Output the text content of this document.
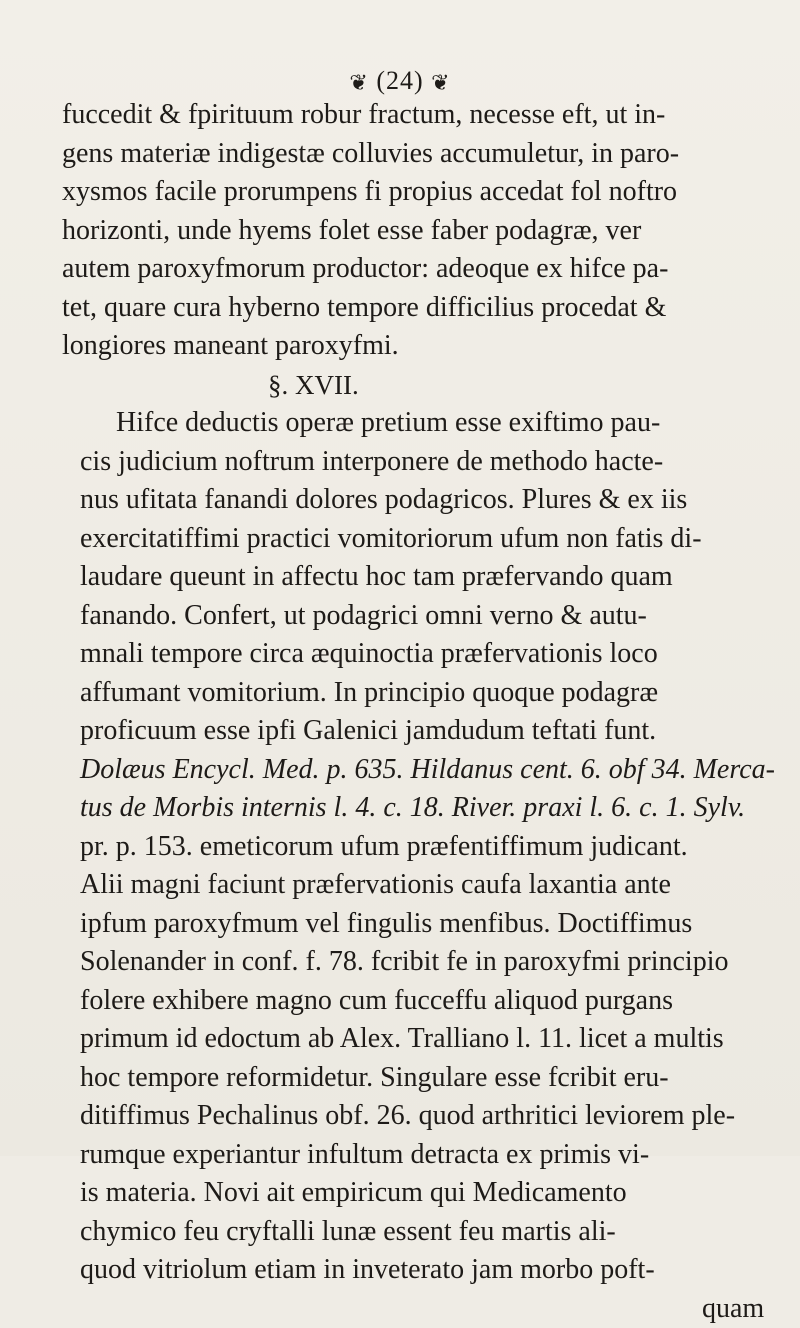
❦ (24) ❦
fuccedit & fpirituum robur fractum, necesse eft, ut in-
gens materiæ indigestæ colluvies accumuletur, in paro-
xysmos facile prorumpens fi propius accedat fol noftro
horizonti, unde hyems folet esse faber podagræ, ver
autem paroxyfmorum productor: adeoque ex hifce pa-
tet, quare cura hyberno tempore difficilius procedat &
longiores maneant paroxyfmi.
§. XVII.
Hifce deductis operæ pretium esse exiftimo pau-
cis judicium noftrum interponere de methodo hacte-
nus ufitata fanandi dolores podagricos. Plures & ex iis
exercitatiffimi practici vomitoriorum ufum non fatis di-
laudare queunt in affectu hoc tam præfervando quam
fanando. Confert, ut podagrici omni verno & autu-
mnali tempore circa æquinoctia præfervationis loco
affumant vomitorium. In principio quoque podagræ
proficuum esse ipfi Galenici jamdudum teftati funt.
Dolæus Encycl. Med. p. 635. Hildanus cent. 6. obf 34. Merca-
tus de Morbis internis l. 4. c. 18. River. praxi l. 6. c. 1. Sylv.
pr. p. 153. emeticorum ufum præfentiffimum judicant.
Alii magni faciunt præfervationis caufa laxantia ante
ipfum paroxyfmum vel fingulis menfibus. Doctiffimus
Solenander in conf. f. 78. fcribit fe in paroxyfmi principio
folere exhibere magno cum fucceffu aliquod purgans
primum id edoctum ab Alex. Tralliano l. 11. licet a multis
hoc tempore reformidetur. Singulare esse fcribit eru-
ditiffimus Pechalinus obf. 26. quod arthritici leviorem ple-
rumque experiantur infultum detracta ex primis vi-
is materia. Novi ait empiricum qui Medicamento
chymico feu cryftalli lunæ essent feu martis ali-
quod vitriolum etiam in inveterato jam morbo poft-
quam
